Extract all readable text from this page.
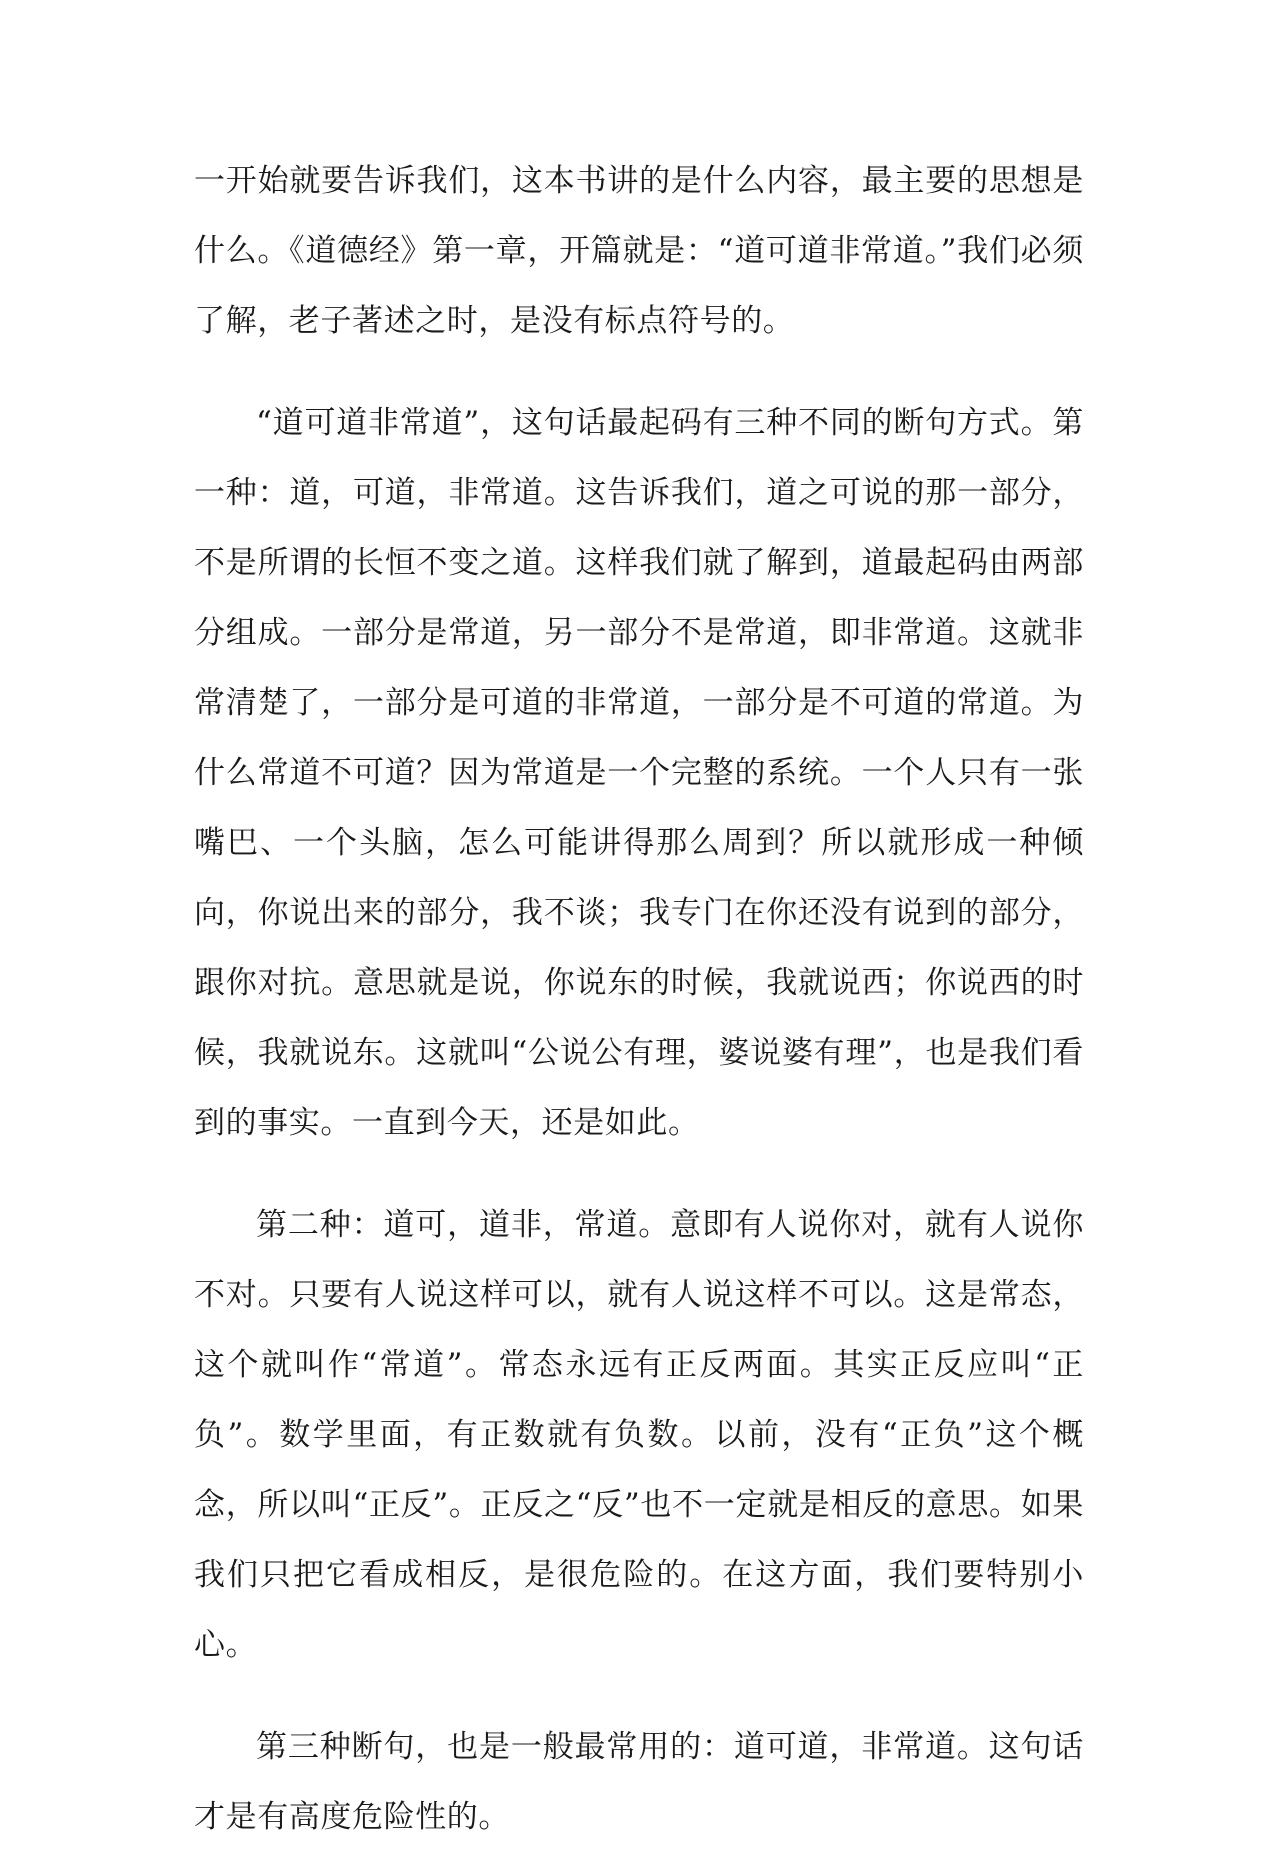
一开始就要告诉我们，这本书讲的是什么内容，最主要的思想是什么。《道德经》第一章，开篇就是：“道可道非常道。”我们必须了解，老子著述之时，是没有标点符号的。

“道可道非常道”，这句话最起码有三种不同的断句方式。第一种：道，可道，非常道。这告诉我们，道之可说的那一部分，不是所谓的长恒不变之道。这样我们就了解到，道最起码由两部分组成。一部分是常道，另一部分不是常道，即非常道。这就非常清楚了，一部分是可道的非常道，一部分是不可道的常道。为什么常道不可道？因为常道是一个完整的系统。一个人只有一张嘴巴、一个头脑，怎么可能讲得那么周到？所以就形成一种倾向，你说出来的部分，我不谈；我专门在你还没有说到的部分，跟你对抗。意思就是说，你说东的时候，我就说西；你说西的时候，我就说东。这就叫“公说公有理，婆说婆有理”，也是我们看到的事实。一直到今天，还是如此。

第二种：道可，道非，常道。意即有人说你对，就有人说你不对。只要有人说这样可以，就有人说这样不可以。这是常态，这个就叫作“常道”。常态永远有正反两面。其实正反应叫“正负”。数学里面，有正数就有负数。以前，没有“正负”这个概念，所以叫“正反”。正反之“反”也不一定就是相反的意思。如果我们只把它看成相反，是很危险的。在这方面，我们要特别小心。

第三种断句，也是一般最常用的：道可道，非常道。这句话才是有高度危险性的。
